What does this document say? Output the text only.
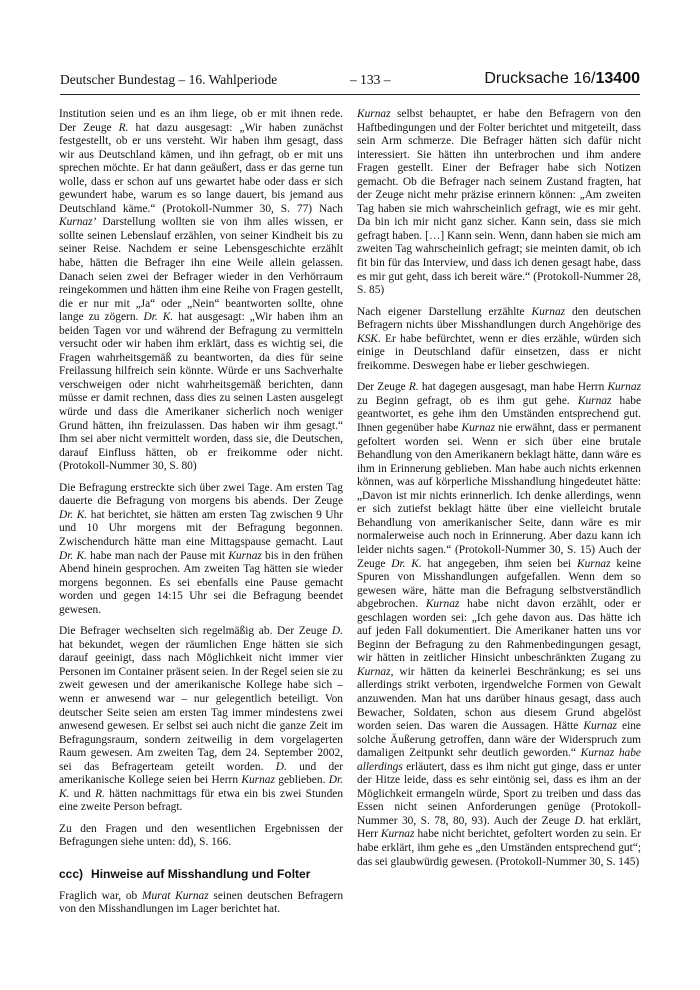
Deutscher Bundestag – 16. Wahlperiode	– 133 –	Drucksache 16/13400

Institution seien und es an ihm liege, ob er mit ihnen rede. Der Zeuge R. hat dazu ausgesagt: „Wir haben zunächst festgestellt, ob er uns versteht. Wir haben ihm gesagt, dass wir aus Deutschland kämen, und ihn gefragt, ob er mit uns sprechen möchte. Er hat dann geäußert, dass er das gerne tun wolle, dass er schon auf uns gewartet habe oder dass er sich gewundert habe, warum es so lange dauert, bis jemand aus Deutschland käme.“ (Protokoll-Nummer 30, S. 77) Nach Kurnaz’ Darstellung wollten sie von ihm alles wissen, er sollte seinen Lebenslauf erzählen, von seiner Kindheit bis zu seiner Reise. Nachdem er seine Lebensgeschichte erzählt habe, hätten die Befrager ihn eine Weile allein gelassen. Danach seien zwei der Befrager wieder in den Verhörraum reingekommen und hätten ihm eine Reihe von Fragen gestellt, die er nur mit „Ja“ oder „Nein“ beantworten sollte, ohne lange zu zögern. Dr. K. hat ausgesagt: „Wir haben ihm an beiden Tagen vor und während der Befragung zu vermitteln versucht oder wir haben ihm erklärt, dass es wichtig sei, die Fragen wahrheitsgemäß zu beantworten, da dies für seine Freilassung hilfreich sein könnte. Würde er uns Sachverhalte verschweigen oder nicht wahrheitsgemäß berichten, dann müsse er damit rechnen, dass dies zu seinen Lasten ausgelegt würde und dass die Amerikaner sicherlich noch weniger Grund hätten, ihn freizulassen. Das haben wir ihm gesagt.“ Ihm sei aber nicht vermittelt worden, dass sie, die Deutschen, darauf Einfluss hätten, ob er freikomme oder nicht. (Protokoll-Nummer 30, S. 80)

Die Befragung erstreckte sich über zwei Tage. Am ersten Tag dauerte die Befragung von morgens bis abends. Der Zeuge Dr. K. hat berichtet, sie hätten am ersten Tag zwischen 9 Uhr und 10 Uhr morgens mit der Befragung begonnen. Zwischendurch hätte man eine Mittagspause gemacht. Laut Dr. K. habe man nach der Pause mit Kurnaz bis in den frühen Abend hinein gesprochen. Am zweiten Tag hätten sie wieder morgens begonnen. Es sei ebenfalls eine Pause gemacht worden und gegen 14:15 Uhr sei die Befragung beendet gewesen.

Die Befrager wechselten sich regelmäßig ab. Der Zeuge D. hat bekundet, wegen der räumlichen Enge hätten sie sich darauf geeinigt, dass nach Möglichkeit nicht immer vier Personen im Container präsent seien. In der Regel seien sie zu zweit gewesen und der amerikanische Kollege habe sich – wenn er anwesend war – nur gelegentlich beteiligt. Von deutscher Seite seien am ersten Tag immer mindestens zwei anwesend gewesen. Er selbst sei auch nicht die ganze Zeit im Befragungsraum, sondern zeitweilig in dem vorgelagerten Raum gewesen. Am zweiten Tag, dem 24. September 2002, sei das Befragerteam geteilt worden. D. und der amerikanische Kollege seien bei Herrn Kurnaz geblieben. Dr. K. und R. hätten nachmittags für etwa ein bis zwei Stunden eine zweite Person befragt.

Zu den Fragen und den wesentlichen Ergebnissen der Befragungen siehe unten: dd), S. 166.

ccc) Hinweise auf Misshandlung und Folter

Fraglich war, ob Murat Kurnaz seinen deutschen Befragern von den Misshandlungen im Lager berichtet hat.

Kurnaz selbst behauptet, er habe den Befragern von den Haftbedingungen und der Folter berichtet und mitgeteilt, dass sein Arm schmerze. Die Befrager hätten sich dafür nicht interessiert. Sie hätten ihn unterbrochen und ihm andere Fragen gestellt. Einer der Befrager habe sich Notizen gemacht. Ob die Befrager nach seinem Zustand fragten, hat der Zeuge nicht mehr präzise erinnern können: „Am zweiten Tag haben sie mich wahrscheinlich gefragt, wie es mir geht. Da bin ich mir nicht ganz sicher. Kann sein, dass sie mich gefragt haben. […] Kann sein. Wenn, dann haben sie mich am zweiten Tag wahrscheinlich gefragt; sie meinten damit, ob ich fit bin für das Interview, und dass ich denen gesagt habe, dass es mir gut geht, dass ich bereit wäre.“ (Protokoll-Nummer 28, S. 85)

Nach eigener Darstellung erzählte Kurnaz den deutschen Befragern nichts über Misshandlungen durch Angehörige des KSK. Er habe befürchtet, wenn er dies erzähle, würden sich einige in Deutschland dafür einsetzen, dass er nicht freikomme. Deswegen habe er lieber geschwiegen.

Der Zeuge R. hat dagegen ausgesagt, man habe Herrn Kurnaz zu Beginn gefragt, ob es ihm gut gehe. Kurnaz habe geantwortet, es gehe ihm den Umständen entsprechend gut. Ihnen gegenüber habe Kurnaz nie erwähnt, dass er permanent gefoltert worden sei. Wenn er sich über eine brutale Behandlung von den Amerikanern beklagt hätte, dann wäre es ihm in Erinnerung geblieben. Man habe auch nichts erkennen können, was auf körperliche Misshandlung hingedeutet hätte: „Davon ist mir nichts erinnerlich. Ich denke allerdings, wenn er sich zutiefst beklagt hätte über eine vielleicht brutale Behandlung von amerikanischer Seite, dann wäre es mir normalerweise auch noch in Erinnerung. Aber dazu kann ich leider nichts sagen.“ (Protokoll-Nummer 30, S. 15) Auch der Zeuge Dr. K. hat angegeben, ihm seien bei Kurnaz keine Spuren von Misshandlungen aufgefallen. Wenn dem so gewesen wäre, hätte man die Befragung selbstverständlich abgebrochen. Kurnaz habe nicht davon erzählt, oder er geschlagen worden sei: „Ich gehe davon aus. Das hätte ich auf jeden Fall dokumentiert. Die Amerikaner hatten uns vor Beginn der Befragung zu den Rahmenbedingungen gesagt, wir hätten in zeitlicher Hinsicht unbeschränkten Zugang zu Kurnaz, wir hätten da keinerlei Beschränkung; es sei uns allerdings strikt verboten, irgendwelche Formen von Gewalt anzuwenden. Man hat uns darüber hinaus gesagt, dass auch Bewacher, Soldaten, schon aus diesem Grund abgelöst worden seien. Das waren die Aussagen. Hätte Kurnaz eine solche Äußerung getroffen, dann wäre der Widerspruch zum damaligen Zeitpunkt sehr deutlich geworden.“ Kurnaz habe allerdings erläutert, dass es ihm nicht gut ginge, dass er unter der Hitze leide, dass es sehr eintönig sei, dass es ihm an der Möglichkeit ermangeln würde, Sport zu treiben und dass das Essen nicht seinen Anforderungen genüge (Protokoll-Nummer 30, S. 78, 80, 93). Auch der Zeuge D. hat erklärt, Herr Kurnaz habe nicht berichtet, gefoltert worden zu sein. Er habe erklärt, ihm gehe es „den Umständen entsprechend gut“; das sei glaubwürdig gewesen. (Protokoll-Nummer 30, S. 145)
